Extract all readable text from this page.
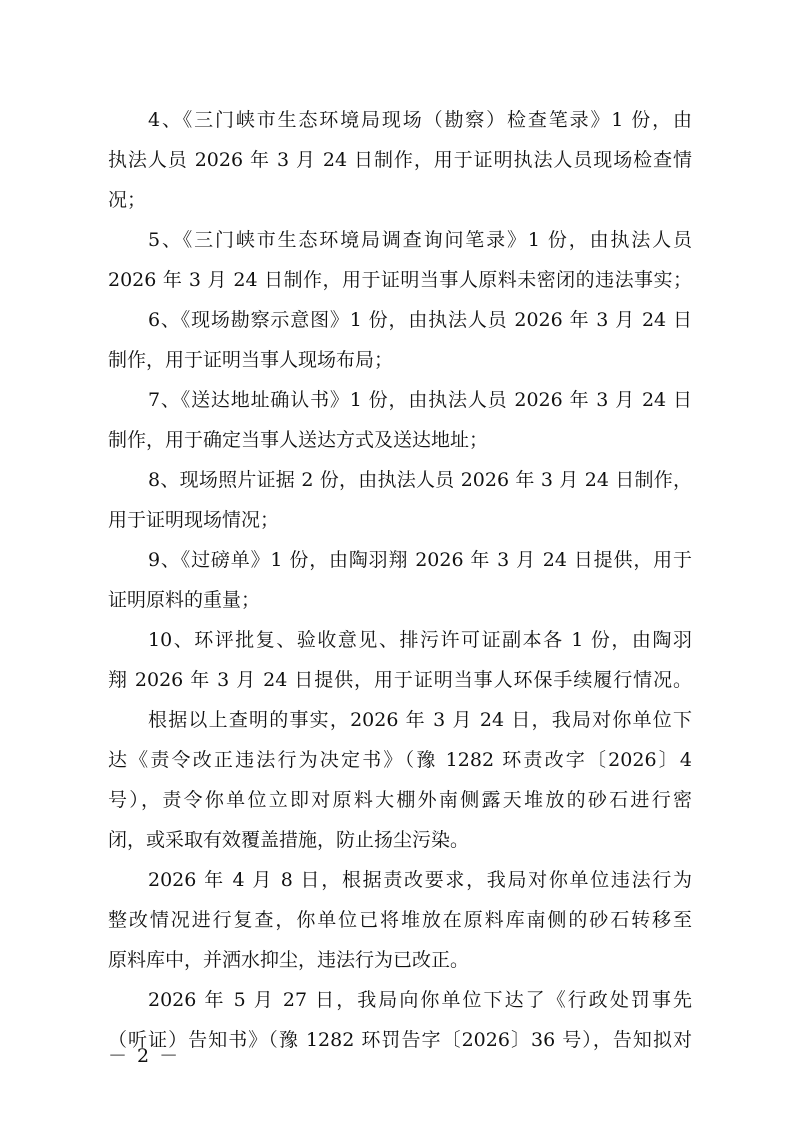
4、《三门峡市生态环境局现场（勘察）检查笔录》1 份，由
执法人员 2026 年 3 月 24 日制作，用于证明执法人员现场检查情
况；
5、《三门峡市生态环境局调查询问笔录》1 份，由执法人员
2026 年 3 月 24 日制作，用于证明当事人原料未密闭的违法事实；
6、《现场勘察示意图》1 份，由执法人员 2026 年 3 月 24 日
制作，用于证明当事人现场布局；
7、《送达地址确认书》1 份，由执法人员 2026 年 3 月 24 日
制作，用于确定当事人送达方式及送达地址；
8、现场照片证据 2 份，由执法人员 2026 年 3 月 24 日制作，
用于证明现场情况；
9、《过磅单》1 份，由陶羽翔 2026 年 3 月 24 日提供，用于
证明原料的重量；
10、环评批复、验收意见、排污许可证副本各 1 份，由陶羽
翔 2026 年 3 月 24 日提供，用于证明当事人环保手续履行情况。
根据以上查明的事实，2026 年 3 月 24 日，我局对你单位下
达《责令改正违法行为决定书》（豫 1282 环责改字〔2026〕4
号），责令你单位立即对原料大棚外南侧露天堆放的砂石进行密
闭，或采取有效覆盖措施，防止扬尘污染。
2026 年 4 月 8 日，根据责改要求，我局对你单位违法行为
整改情况进行复查，你单位已将堆放在原料库南侧的砂石转移至
原料库中，并洒水抑尘，违法行为已改正。
2026 年 5 月 27 日，我局向你单位下达了《行政处罚事先
（听证）告知书》（豫 1282 环罚告字〔2026〕36 号），告知拟对
－ 2 －
